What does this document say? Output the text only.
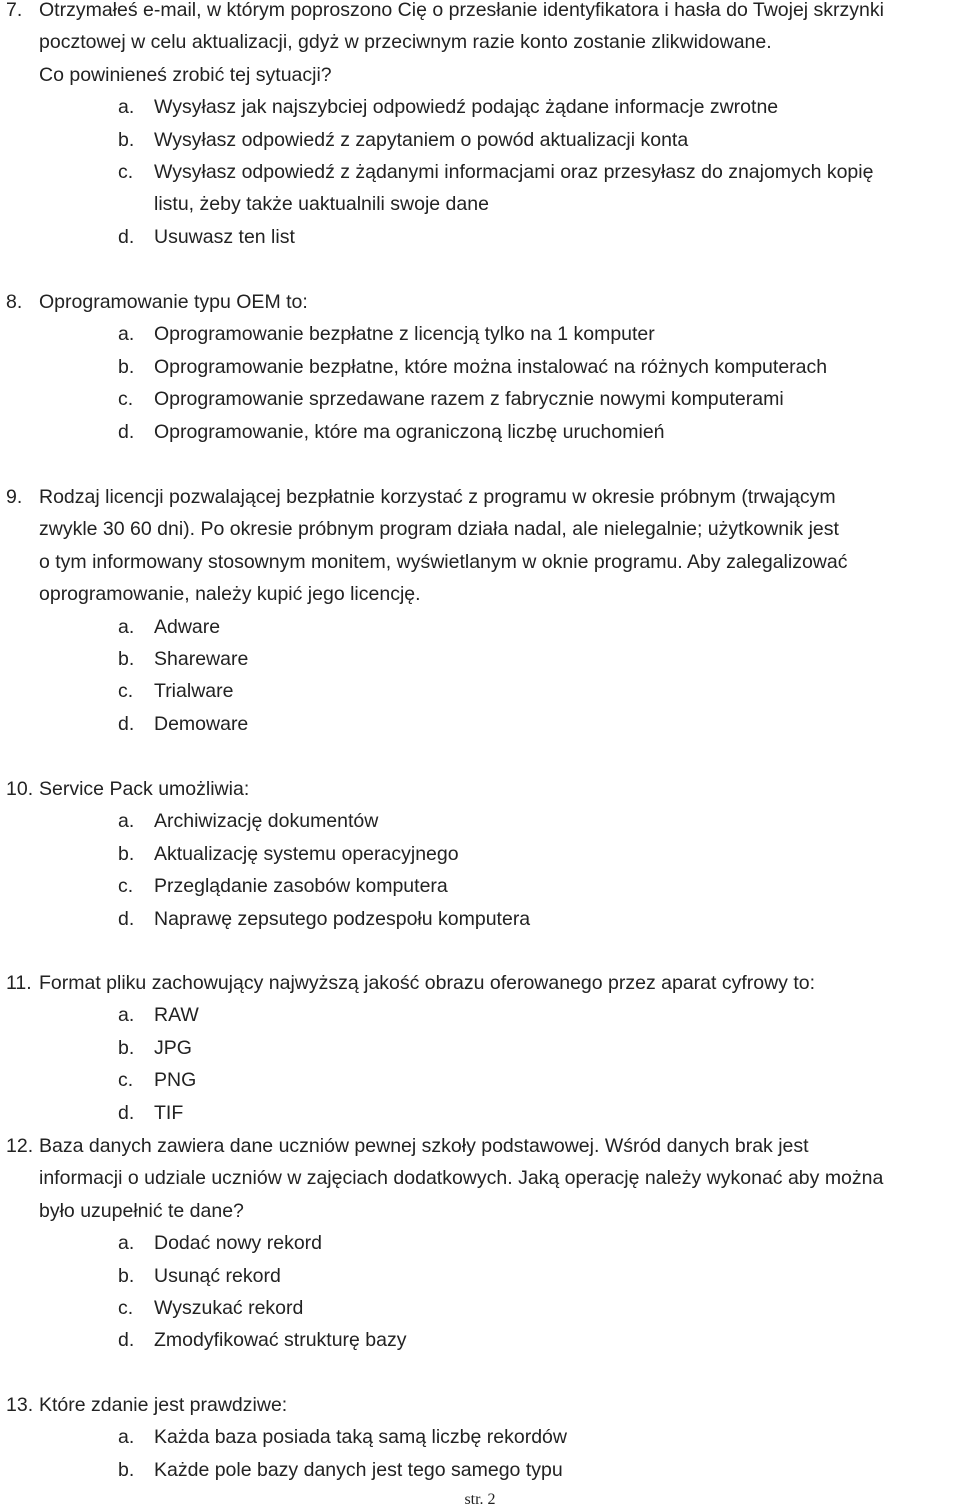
7. Otrzymałeś e-mail, w którym poproszono Cię o przesłanie identyfikatora i hasła do Twojej skrzynki
pocztowej w celu aktualizacji, gdyż w przeciwnym razie konto zostanie zlikwidowane.
Co powinieneś zrobić tej sytuacji?
a.	Wysyłasz jak najszybciej odpowiedź podając żądane informacje zwrotne
b.	Wysyłasz odpowiedź z zapytaniem o powód aktualizacji konta
c.	Wysyłasz odpowiedź z żądanymi informacjami oraz przesyłasz do znajomych kopię
listu, żeby także uaktualnili swoje dane
d.	Usuwasz ten list
8. Oprogramowanie typu OEM to:
a.	Oprogramowanie bezpłatne z licencją tylko na 1 komputer
b.	Oprogramowanie bezpłatne, które można instalować na różnych komputerach
c.	Oprogramowanie sprzedawane razem z fabrycznie nowymi komputerami
d.	Oprogramowanie, które ma ograniczoną liczbę uruchomień
9. Rodzaj licencji pozwalającej bezpłatnie korzystać z programu w okresie próbnym (trwającym
zwykle 30 60 dni). Po okresie próbnym program działa nadal, ale nielegalnie; użytkownik jest
o tym informowany stosownym monitem, wyświetlanym w oknie programu. Aby zalegalizować
oprogramowanie, należy kupić jego licencję.
a.	Adware
b.	Shareware
c.	Trialware
d.	Demoware
10. Service Pack umożliwia:
a.	Archiwizację dokumentów
b.	Aktualizację systemu operacyjnego
c.	Przeglądanie zasobów komputera
d.	Naprawę zepsutego podzespołu komputera
11. Format pliku zachowujący najwyższą jakość obrazu oferowanego przez aparat cyfrowy to:
a.	RAW
b.	JPG
c.	PNG
d.	TIF
12. Baza danych zawiera dane uczniów pewnej szkoły podstawowej. Wśród danych brak jest
informacji o udziale uczniów w zajęciach dodatkowych. Jaką operację należy wykonać aby można
było uzupełnić te dane?
a.	Dodać nowy rekord
b.	Usunąć rekord
c.	Wyszukać rekord
d.	Zmodyfikować strukturę bazy
13. Które zdanie jest prawdziwe:
a.	Każda baza posiada taką samą liczbę rekordów
b.	Każde pole bazy danych jest tego samego typu
str. 2
